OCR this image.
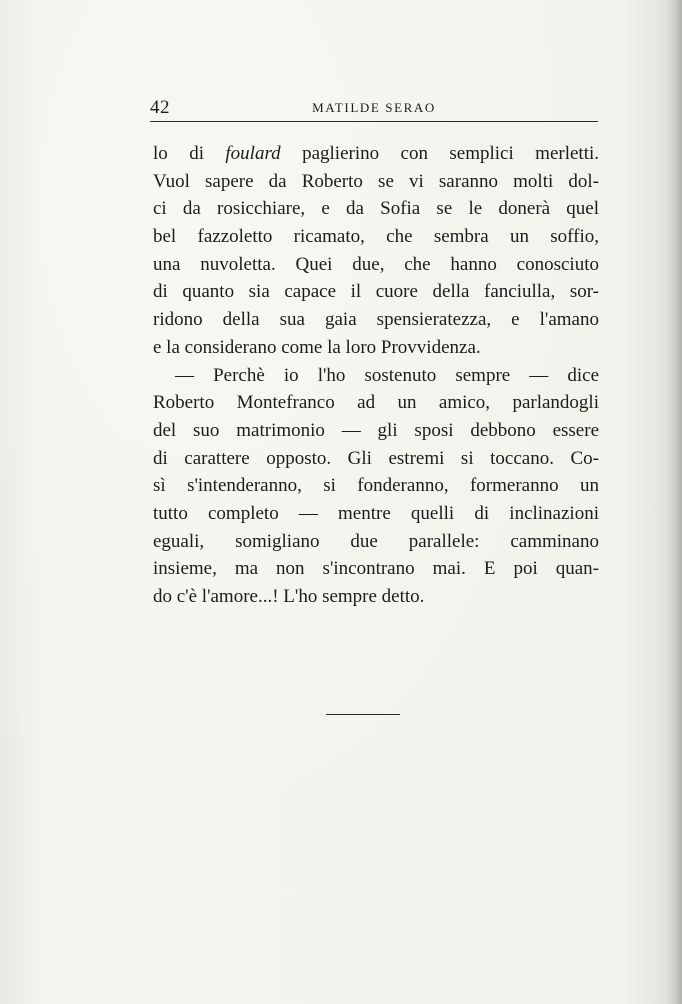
42	MATILDE SERAO
lo di foulard paglierino con semplici merletti.
Vuol sapere da Roberto se vi saranno molti dol-
ci da rosicchiare, e da Sofia se le donerà quel
bel fazzoletto ricamato, che sembra un soffio,
una nuvoletta. Quei due, che hanno conosciuto
di quanto sia capace il cuore della fanciulla, sor-
ridono della sua gaia spensieratezza, e l'amano
e la considerano come la loro Provvidenza.
— Perchè io l'ho sostenuto sempre — dice
Roberto Montefranco ad un amico, parlandogli
del suo matrimonio — gli sposi debbono essere
di carattere opposto. Gli estremi si toccano. Co-
sì s'intenderanno, si fonderanno, formeranno un
tutto completo — mentre quelli di inclinazioni
eguali, somigliano due parallele: camminano
insieme, ma non s'incontrano mai. E poi quan-
do c'è l'amore...! L'ho sempre detto.
